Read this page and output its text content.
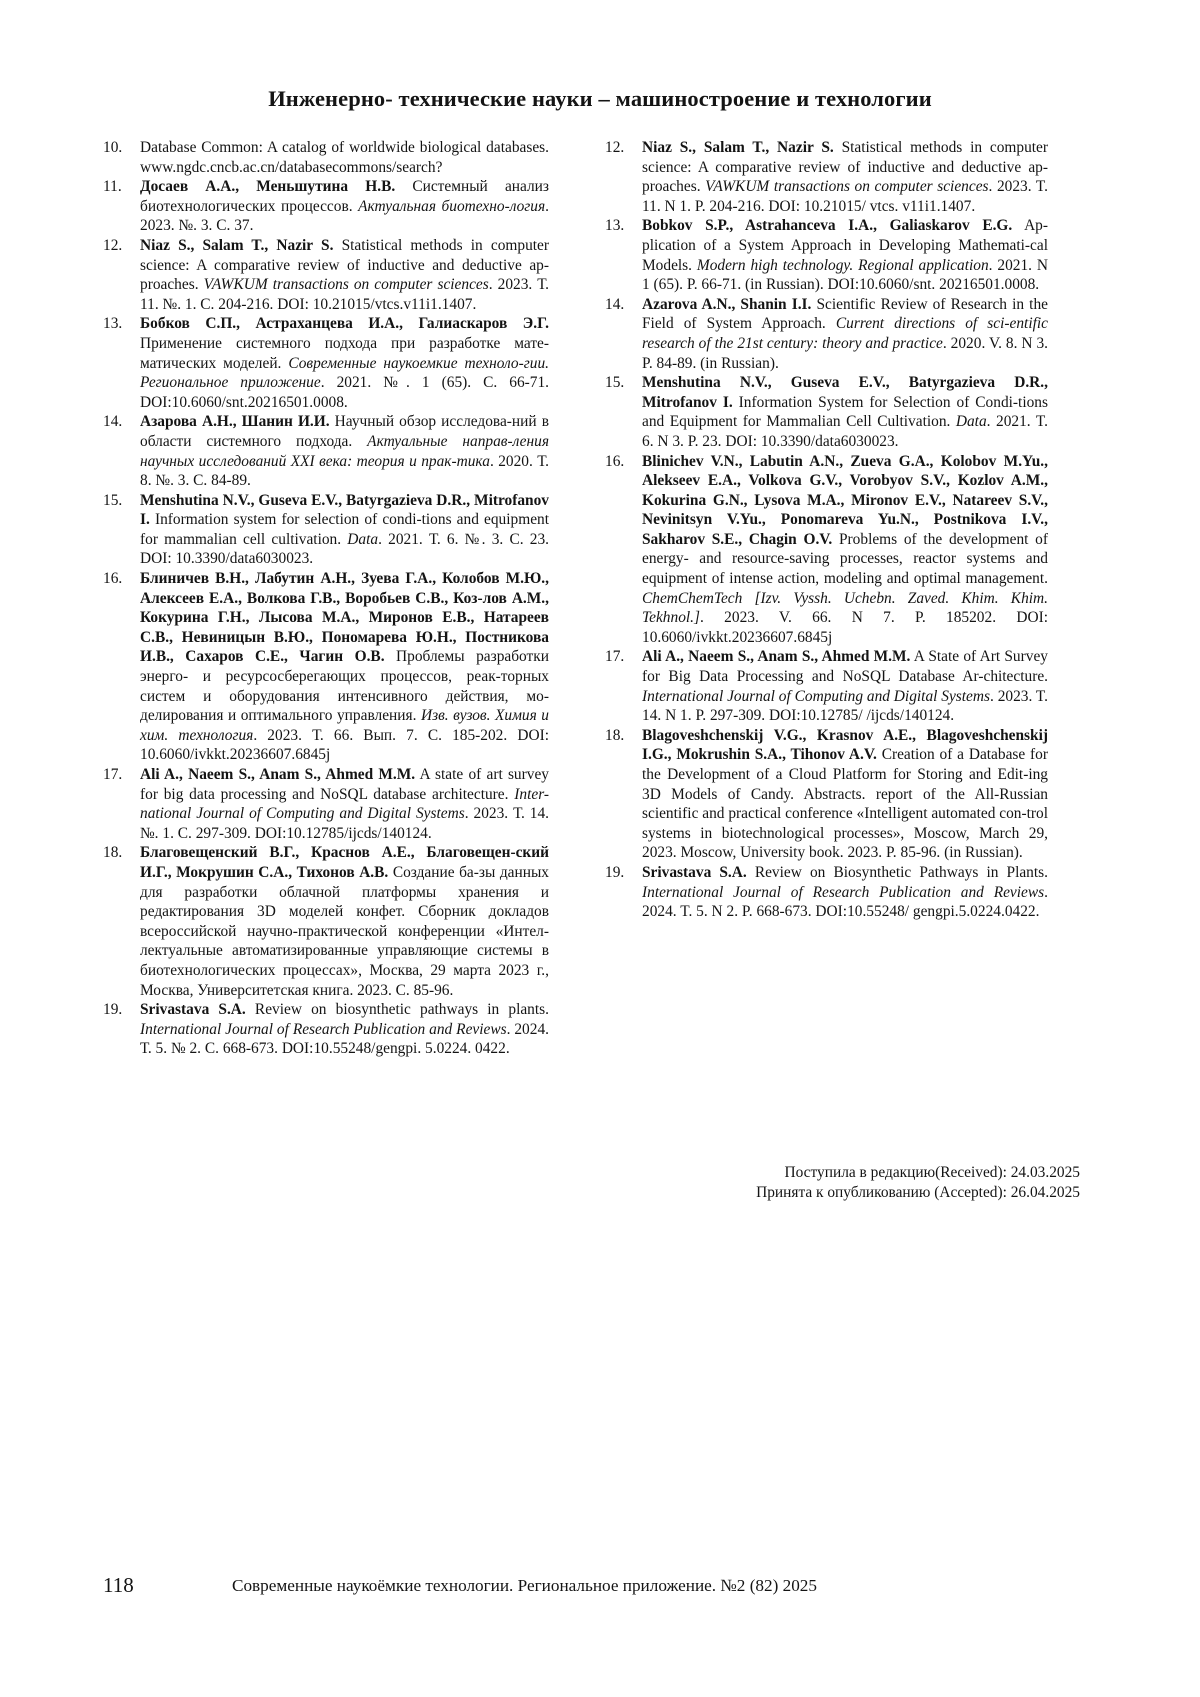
Инженерно- технические науки – машиностроение и технологии
10.	Database Common: A catalog of worldwide biological databases. www.ngdc.cncb.ac.cn/databasecommons/search?
11.	Досаев А.А., Меньшутина Н.В. Системный анализ биотехнологических процессов. Актуальная биотехно-логия. 2023. №. 3. С. 37.
12.	Niaz S., Salam T., Nazir S. Statistical methods in computer science: A comparative review of inductive and deductive ap-proaches. VAWKUM transactions on computer sciences. 2023. Т. 11. №. 1. С. 204-216. DOI: 10.21015/vtcs.v11i1.1407.
13.	Бобков С.П., Астраханцева И.А., Галиаскаров Э.Г. Применение системного подхода при разработке мате-матических моделей. Современные наукоемкие техноло-гии. Региональное приложение. 2021. №. 1 (65). С. 66-71. DOI:10.6060/snt.20216501.0008.
14.	Азарова А.Н., Шанин И.И. Научный обзор исследова-ний в области системного подхода. Актуальные направ-ления научных исследований XXI века: теория и прак-тика. 2020. Т. 8. №. 3. С. 84-89.
15.	Menshutina N.V., Guseva E.V., Batyrgazieva D.R., Mitrofanov I. Information system for selection of condi-tions and equipment for mammalian cell cultivation. Data. 2021. Т. 6. №. 3. С. 23. DOI: 10.3390/data6030023.
16.	Блиничев В.Н., Лабутин А.Н., Зуева Г.А., Колобов М.Ю., Алексеев Е.А., Волкова Г.В., Воробьев С.В., Коз-лов А.М., Кокурина Г.Н., Лысова М.А., Миронов Е.В., Натареев С.В., Невиницын В.Ю., Пономарева Ю.Н., Постникова И.В., Сахаров С.Е., Чагин О.В. Проблемы разработки энерго- и ресурсосберегающих процессов, реак-торных систем и оборудования интенсивного действия, мо-делирования и оптимального управления. Изв. вузов. Химия и хим. технология. 2023. Т. 66. Вып. 7. С. 185-202. DOI: 10.6060/ivkkt.20236607.6845j
17.	Ali A., Naeem S., Anam S., Ahmed M.M. A state of art survey for big data processing and NoSQL database architecture. Inter-national Journal of Computing and Digital Systems. 2023. Т. 14. №. 1. С. 297-309. DOI:10.12785/ijcds/140124.
18.	Благовещенский В.Г., Краснов А.Е., Благовещен-ский И.Г., Мокрушин С.А., Тихонов А.В. Создание ба-зы данных для разработки облачной платформы хранения и редактирования 3D моделей конфет. Сборник докладов всероссийской научно-практической конференции «Интел-лектуальные автоматизированные управляющие системы в биотехнологических процессах», Москва, 29 марта 2023 г., Москва, Университетская книга. 2023. С. 85-96.
19.	Srivastava S.A. Review on biosynthetic pathways in plants. International Journal of Research Publication and Reviews. 2024. Т. 5. № 2. С. 668-673. DOI:10.55248/gengpi. 5.0224. 0422.
12.	Niaz S., Salam T., Nazir S. Statistical methods in computer science: A comparative review of inductive and deductive ap-proaches. VAWKUM transactions on computer sciences. 2023. T. 11. N 1. P. 204-216. DOI: 10.21015/ vtcs. v11i1.1407.
13.	Bobkov S.P., Astrahanceva I.A., Galiaskarov E.G. Ap-plication of a System Approach in Developing Mathemati-cal Models. Modern high technology. Regional application. 2021. N 1 (65). P. 66-71. (in Russian). DOI:10.6060/snt. 20216501.0008.
14.	Azarova A.N., Shanin I.I. Scientific Review of Research in the Field of System Approach. Current directions of sci-entific research of the 21st century: theory and practice. 2020. V. 8. N 3. P. 84-89. (in Russian).
15.	Menshutina N.V., Guseva E.V., Batyrgazieva D.R., Mitrofanov I. Information System for Selection of Condi-tions and Equipment for Mammalian Cell Cultivation. Data. 2021. T. 6. N 3. P. 23. DOI: 10.3390/data6030023.
16.	Blinichev V.N., Labutin A.N., Zueva G.A., Kolobov M.Yu., Alekseev E.A., Volkova G.V., Vorobyov S.V., Kozlov A.M., Kokurina G.N., Lysova M.A., Mironov E.V., Natareev S.V., Nevinitsyn V.Yu., Ponomareva Yu.N., Postnikova I.V., Sakharov S.E., Chagin O.V. Problems of the development of energy- and resource-saving processes, reactor systems and equipment of intense action, modeling and optimal management. ChemChemTech [Izv. Vyssh. Uchebn. Zaved. Khim. Khim. Tekhnol.]. 2023. V. 66. N 7. P. 185202. DOI: 10.6060/ivkkt.20236607.6845j
17.	Ali A., Naeem S., Anam S., Ahmed M.M. A State of Art Survey for Big Data Processing and NoSQL Database Ar-chitecture. International Journal of Computing and Digital Systems. 2023. T. 14. N 1. P. 297-309. DOI:10.12785/ /ijcds/140124.
18.	Blagoveshchenskij V.G., Krasnov A.E., Blagoveshchenskij I.G., Mokrushin S.A., Tihonov A.V. Creation of a Database for the Development of a Cloud Platform for Storing and Edit-ing 3D Models of Candy. Abstracts. report of the All-Russian scientific and practical conference «Intelligent automated con-trol systems in biotechnological processes», Moscow, March 29, 2023. Moscow, University book. 2023. P. 85-96. (in Russian).
19.	Srivastava S.A. Review on Biosynthetic Pathways in Plants. International Journal of Research Publication and Reviews. 2024. T. 5. N 2. P. 668-673. DOI:10.55248/ gengpi.5.0224.0422.
Поступила в редакцию(Received): 24.03.2025
Принята к опубликованию (Accepted): 26.04.2025
118	Современные наукоёмкие технологии. Региональное приложение. №2 (82) 2025
